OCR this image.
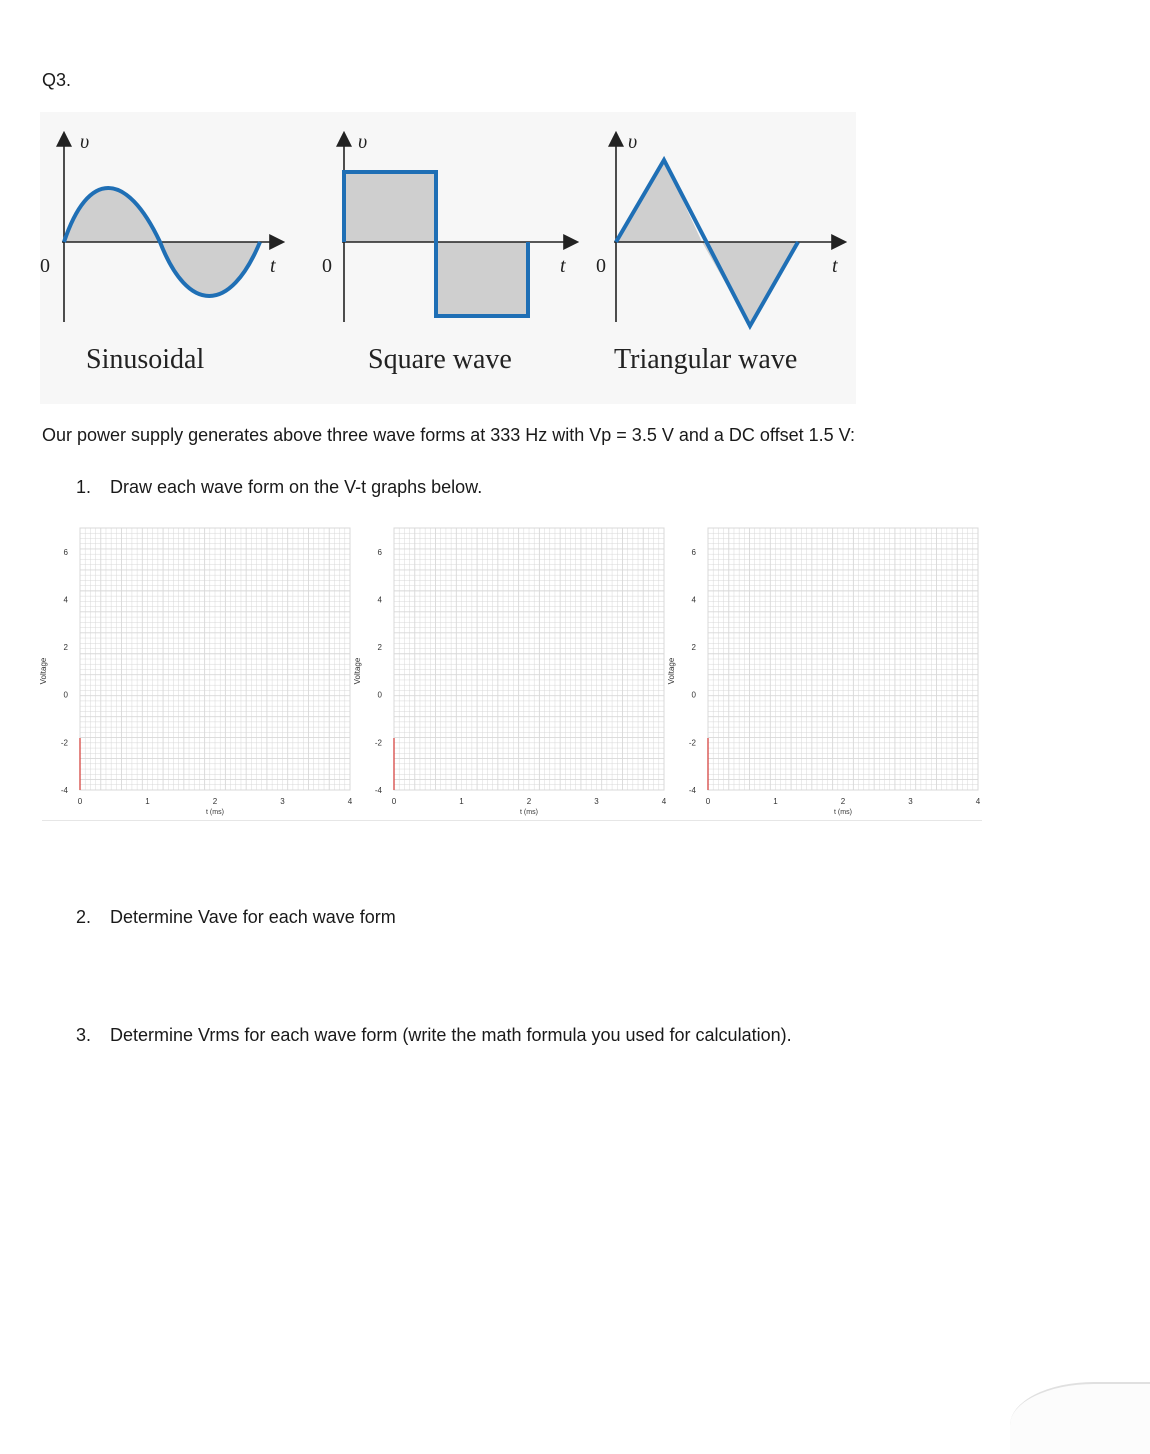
Q3.
υ
0	t
υ
0	t
υ
0	t
Sinusoidal	Square wave	Triangular wave
Our power supply generates above three wave forms at 333 Hz with Vp = 3.5 V and a DC offset 1.5 V:
1. Draw each wave form on the V-t graphs below.
6
4
2
0
-2
-4
0	1	2	3	4
t (ms)
Voltage
6
4
2
0
-2
-4
0	1	2	3	4
t (ms)
Voltage
6
4
2
0
-2
-4
0	1	2	3	4
t (ms)
Voltage
2. Determine Vave for each wave form
3. Determine Vrms for each wave form (write the math formula you used for calculation).
